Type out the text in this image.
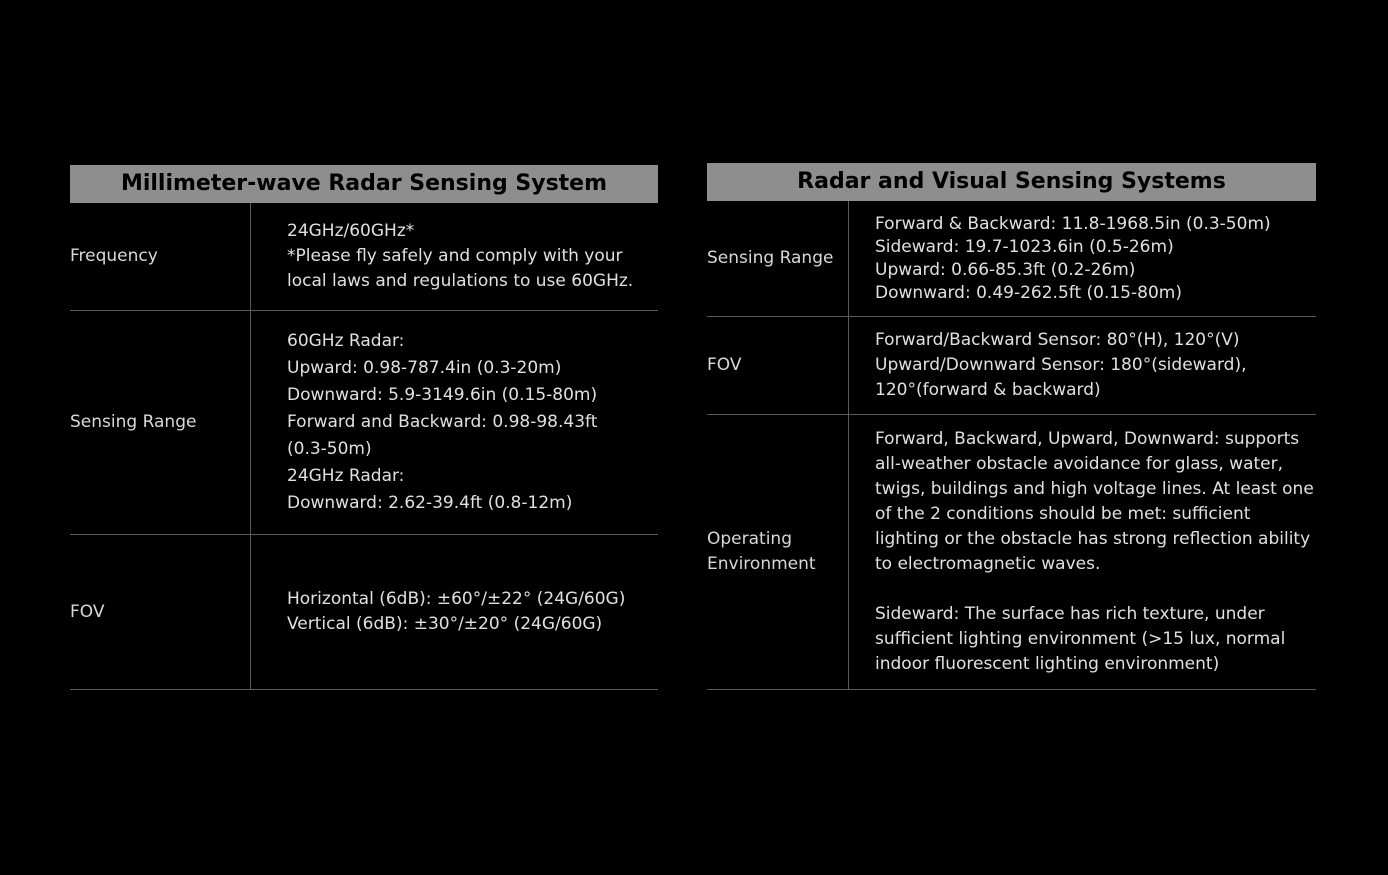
Millimeter-wave Radar Sensing System
Frequency
24GHz/60GHz*
*Please fly safely and comply with your
local laws and regulations to use 60GHz.
Sensing Range
60GHz Radar:
Upward: 0.98-787.4in (0.3-20m)
Downward: 5.9-3149.6in (0.15-80m)
Forward and Backward: 0.98-98.43ft
(0.3-50m)
24GHz Radar:
Downward: 2.62-39.4ft (0.8-12m)
FOV
Horizontal (6dB): ±60°/±22° (24G/60G)
Vertical (6dB): ±30°/±20° (24G/60G)
Radar and Visual Sensing Systems
Sensing Range
Forward & Backward: 11.8-1968.5in (0.3-50m)
Sideward: 19.7-1023.6in (0.5-26m)
Upward: 0.66-85.3ft (0.2-26m)
Downward: 0.49-262.5ft (0.15-80m)
FOV
Forward/Backward Sensor: 80°(H), 120°(V)
Upward/Downward Sensor: 180°(sideward),
120°(forward & backward)
Operating
Environment
Forward, Backward, Upward, Downward: supports
all-weather obstacle avoidance for glass, water,
twigs, buildings and high voltage lines. At least one
of the 2 conditions should be met: sufficient
lighting or the obstacle has strong reflection ability
to electromagnetic waves.
Sideward: The surface has rich texture, under
sufficient lighting environment (>15 lux, normal
indoor fluorescent lighting environment)
